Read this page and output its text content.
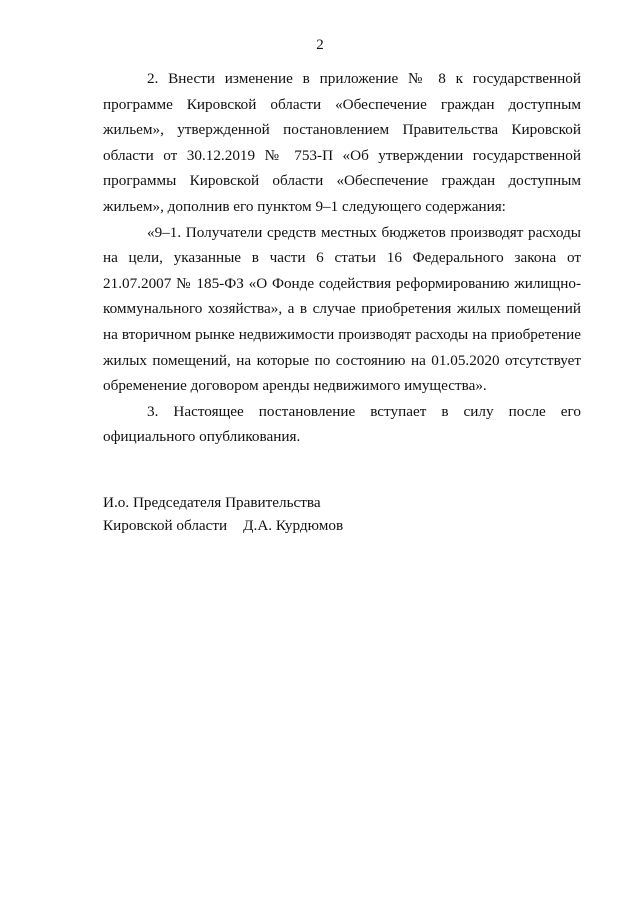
2

2. Внести изменение в приложение № 8 к государственной программе Кировской области «Обеспечение граждан доступным жильем», утвержденной постановлением Правительства Кировской области от 30.12.2019 № 753-П «Об утверждении государственной программы Кировской области «Обеспечение граждан доступным жильем», дополнив его пунктом 9–1 следующего содержания:

«9–1. Получатели средств местных бюджетов производят расходы на цели, указанные в части 6 статьи 16 Федерального закона от 21.07.2007 № 185-ФЗ «О Фонде содействия реформированию жилищно-коммунального хозяйства», а в случае приобретения жилых помещений на вторичном рынке недвижимости производят расходы на приобретение жилых помещений, на которые по состоянию на 01.05.2020 отсутствует обременение договором аренды недвижимого имущества».

3. Настоящее постановление вступает в силу после его официального опубликования.

И.о. Председателя Правительства
Кировской области Д.А. Курдюмов
